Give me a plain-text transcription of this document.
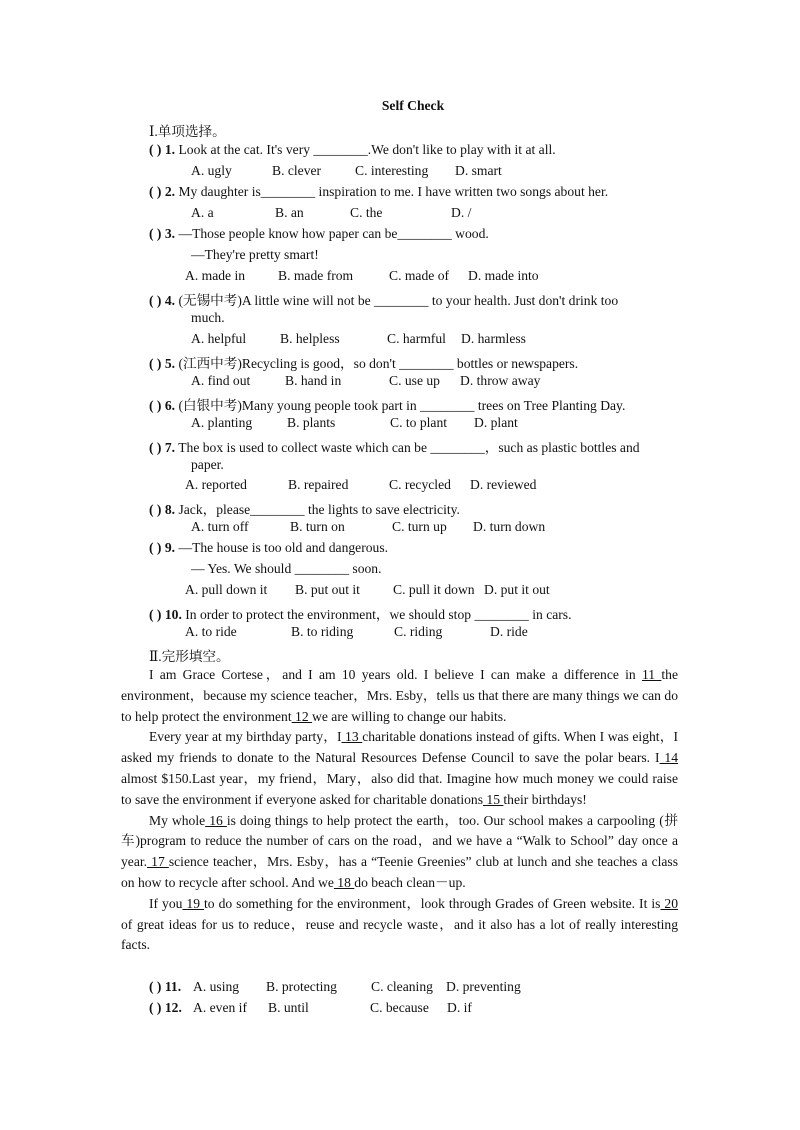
Self Check
Ⅰ.单项选择。
( ) 1. Look at the cat. It's very ________.We don't like to play with it at all.
A. ugly	B. clever C. interesting D. smart
( ) 2. My daughter is________ inspiration to me. I have written two songs about her.
A. a	B. an	C. the	D. /
( ) 3. —Those people know how paper can be________ wood.
—They're pretty smart!
A. made in B. made from	C. made of D. made into
( ) 4. (无锡中考)A little wine will not be ________ to your health. Just don't drink too
much.
A. helpful B. helpless	C. harmful D. harmless
( ) 5. (江西中考)Recycling is good，so don't ________ bottles or newspapers.
A. find out	B. hand in	C. use up D. throw away
( ) 6. (白银中考)Many young people took part in ________ trees on Tree Planting Day.
A. planting	B. plants	C. to plant D. plant
( ) 7. The box is used to collect waste which can be ________，such as plastic bottles and
paper.
A. reported	B. repaired	C. recycled D. reviewed
( ) 8. Jack，please________ the lights to save electricity.
A. turn off	B. turn on	C. turn up D. turn down
( ) 9. —The house is too old and dangerous.
— Yes. We should ________ soon.
A. pull down it B. put out it C. pull it down D. put it out
( ) 10. In order to protect the environment，we should stop ________ in cars.
A. to ride	B. to riding	C. riding	D. ride
Ⅱ.完形填空。

I am Grace Cortese，and I am 10 years old. I believe I can make a difference in 11 the environment，because my science teacher，Mrs. Esby，tells us that there are many things we can do to help protect the environment 12 we are willing to change our habits.

Every year at my birthday party，I 13 charitable donations instead of gifts. When I was eight，I asked my friends to donate to the Natural Resources Defense Council to save the polar bears. I 14 almost $150.Last year，my friend，Mary，also did that. Imagine how much money we could raise to save the environment if everyone asked for charitable donations 15 their birthdays!

My whole 16 is doing things to help protect the earth，too. Our school makes a carpooling (拼车)program to reduce the number of cars on the road，and we have a “Walk to School” day once a year. 17 science teacher，Mrs. Esby，has a “Teenie Greenies” club at lunch and she teaches a class on how to recycle after school. And we 18 do beach clean－up.

If you 19 to do something for the environment，look through Grades of Green website. It is 20 of great ideas for us to reduce，reuse and recycle waste，and it also has a lot of really interesting facts.

( ) 11. A. using B. protecting	C. cleaning D. preventing
( ) 12. A. even if B. until	C. because D. if
